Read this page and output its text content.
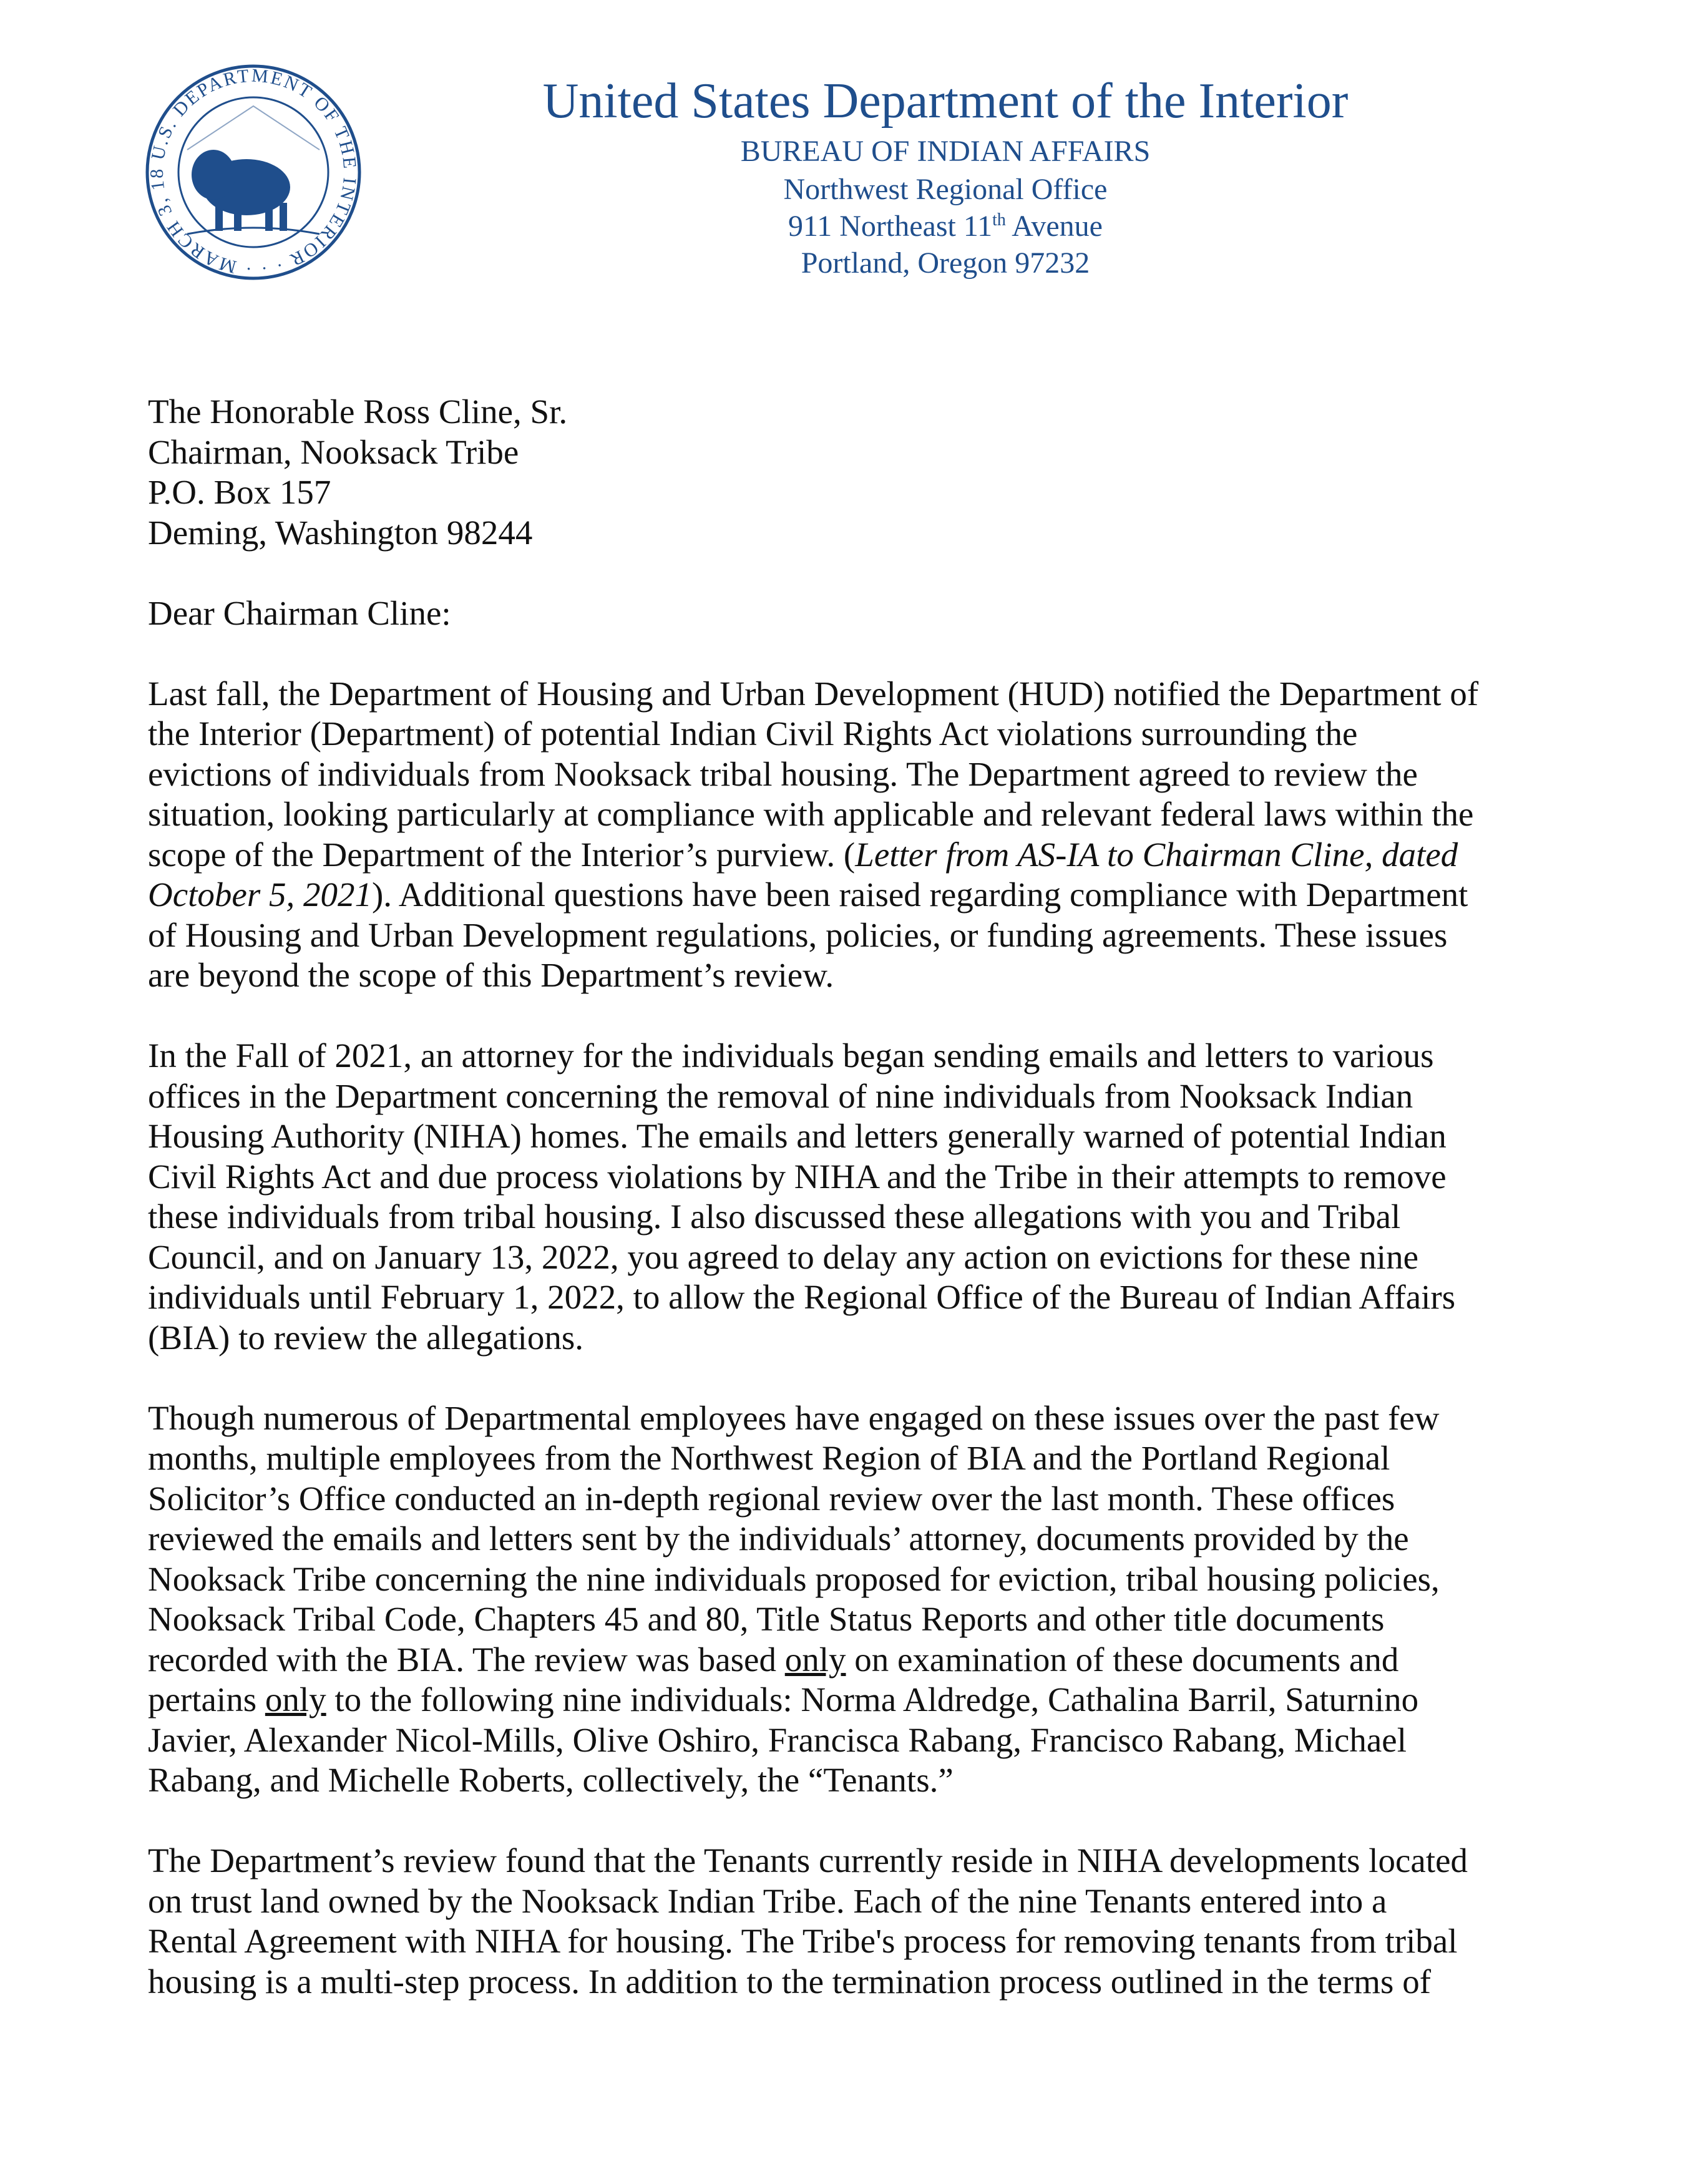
U.S. DEPARTMENT OF THE INTERIOR · · · MARCH 3, 18
United States Department of the Interior
BUREAU OF INDIAN AFFAIRS
Northwest Regional Office
911 Northeast 11th Avenue
Portland, Oregon 97232
The Honorable Ross Cline, Sr.
Chairman, Nooksack Tribe
P.O. Box 157
Deming, Washington 98244
Dear Chairman Cline:
Last fall, the Department of Housing and Urban Development (HUD) notified the Department of
the Interior (Department) of potential Indian Civil Rights Act violations surrounding the
evictions of individuals from Nooksack tribal housing. The Department agreed to review the
situation, looking particularly at compliance with applicable and relevant federal laws within the
scope of the Department of the Interior’s purview. (Letter from AS-IA to Chairman Cline, dated
October 5, 2021). Additional questions have been raised regarding compliance with Department
of Housing and Urban Development regulations, policies, or funding agreements. These issues
are beyond the scope of this Department’s review.
In the Fall of 2021, an attorney for the individuals began sending emails and letters to various
offices in the Department concerning the removal of nine individuals from Nooksack Indian
Housing Authority (NIHA) homes. The emails and letters generally warned of potential Indian
Civil Rights Act and due process violations by NIHA and the Tribe in their attempts to remove
these individuals from tribal housing. I also discussed these allegations with you and Tribal
Council, and on January 13, 2022, you agreed to delay any action on evictions for these nine
individuals until February 1, 2022, to allow the Regional Office of the Bureau of Indian Affairs
(BIA) to review the allegations.
Though numerous of Departmental employees have engaged on these issues over the past few
months, multiple employees from the Northwest Region of BIA and the Portland Regional
Solicitor’s Office conducted an in-depth regional review over the last month. These offices
reviewed the emails and letters sent by the individuals’ attorney, documents provided by the
Nooksack Tribe concerning the nine individuals proposed for eviction, tribal housing policies,
Nooksack Tribal Code, Chapters 45 and 80, Title Status Reports and other title documents
recorded with the BIA. The review was based only on examination of these documents and
pertains only to the following nine individuals: Norma Aldredge, Cathalina Barril, Saturnino
Javier, Alexander Nicol-Mills, Olive Oshiro, Francisca Rabang, Francisco Rabang, Michael
Rabang, and Michelle Roberts, collectively, the “Tenants.”
The Department’s review found that the Tenants currently reside in NIHA developments located
on trust land owned by the Nooksack Indian Tribe. Each of the nine Tenants entered into a
Rental Agreement with NIHA for housing. The Tribe's process for removing tenants from tribal
housing is a multi-step process. In addition to the termination process outlined in the terms of
